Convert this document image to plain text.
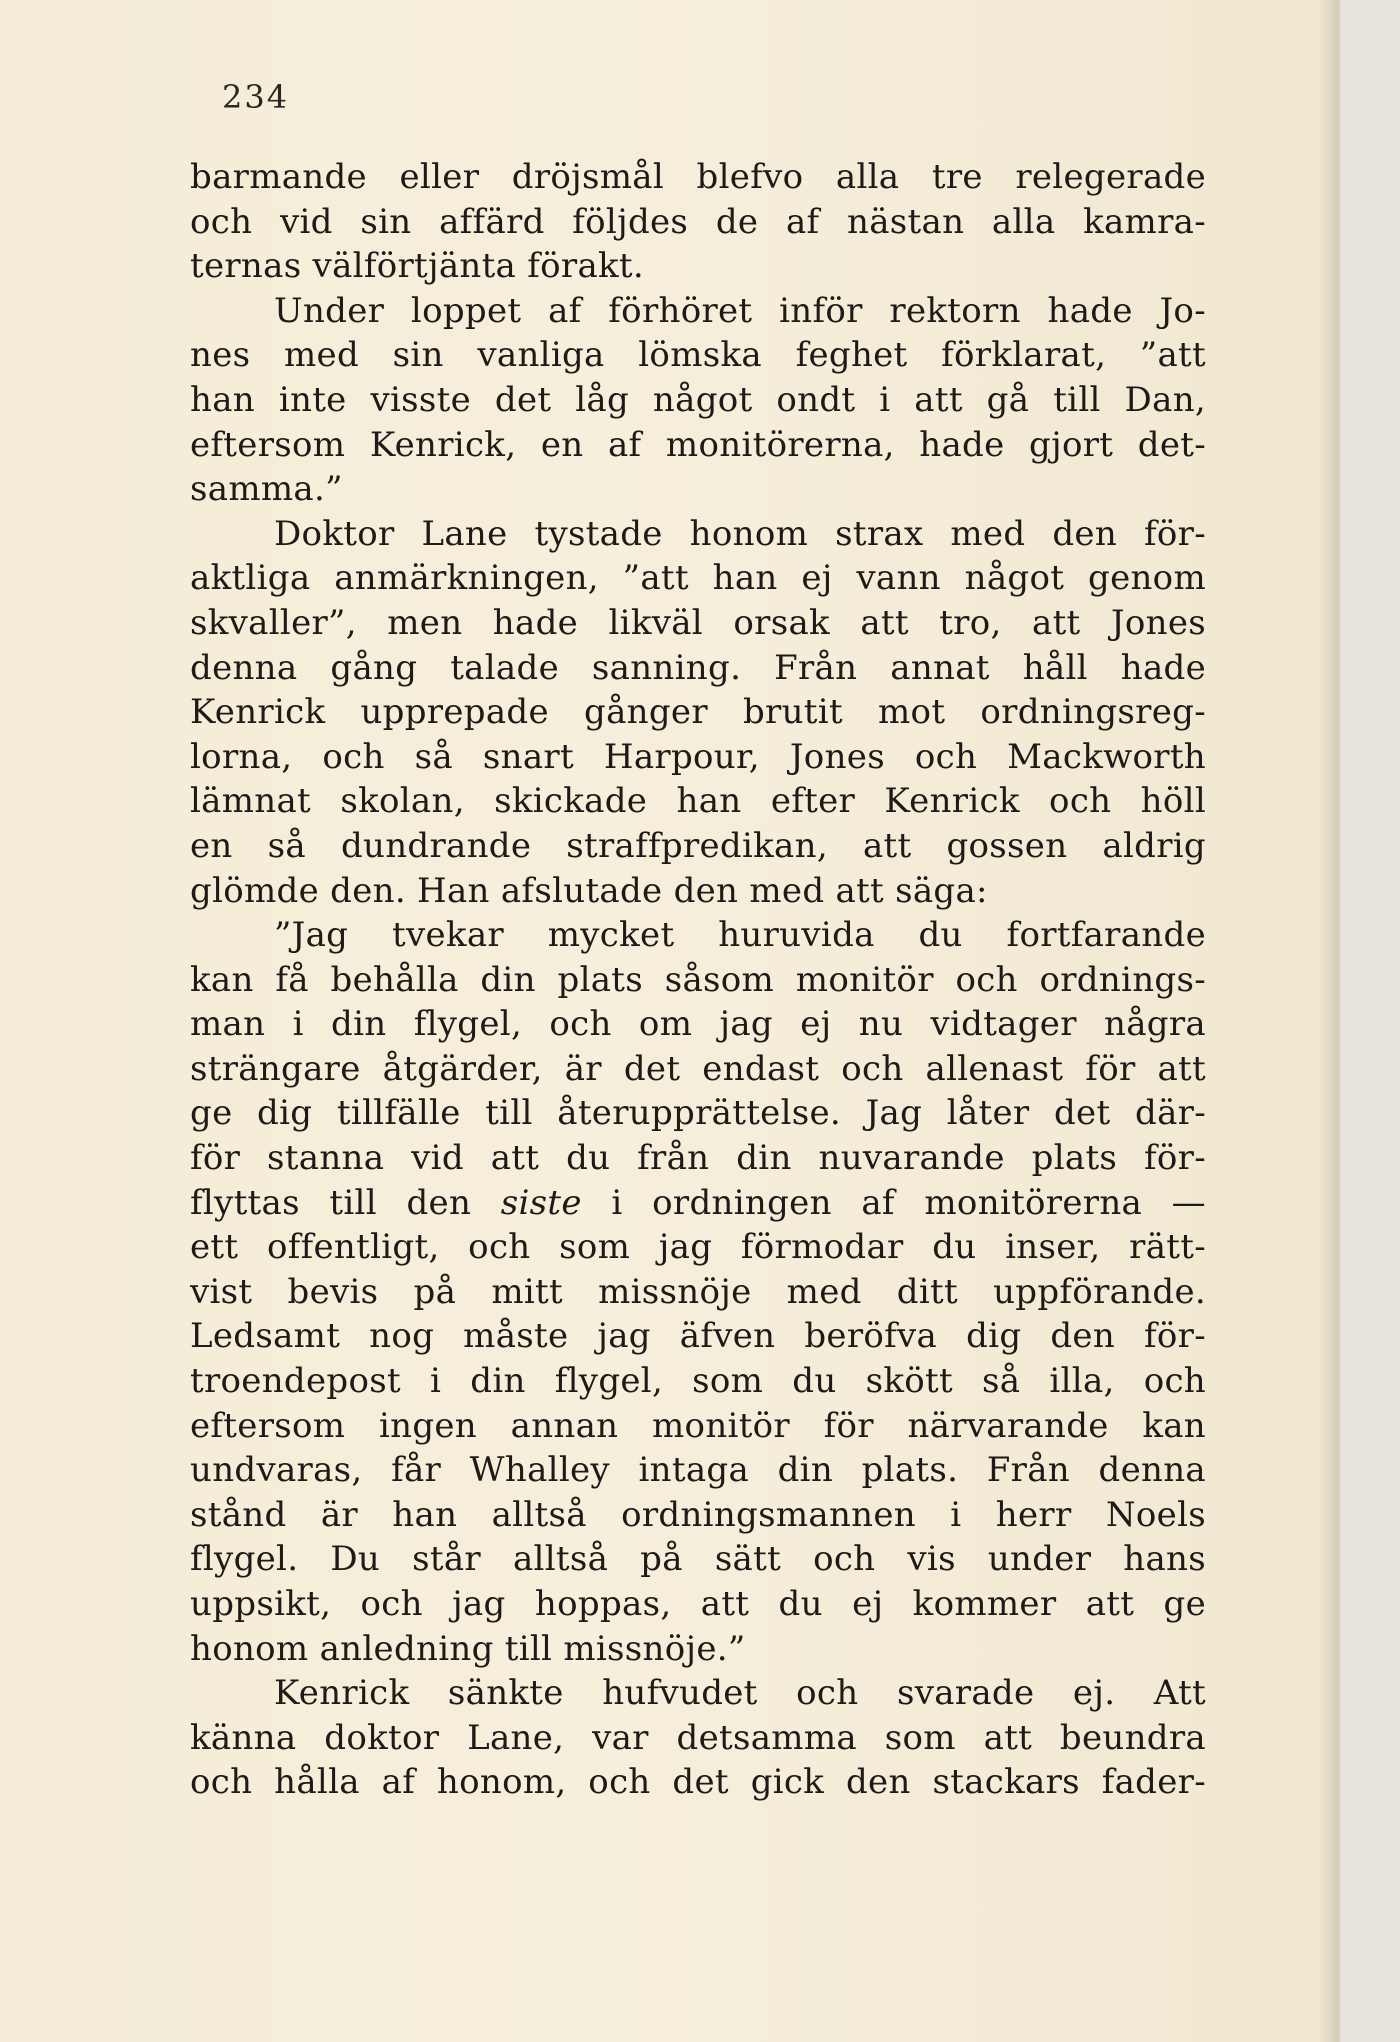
234
barmande eller dröjsmål blefvo alla tre relegerade
och vid sin affärd följdes de af nästan alla kamra-
ternas välförtjänta förakt.
Under loppet af förhöret inför rektorn hade Jo-
nes med sin vanliga lömska feghet förklarat, ”att
han inte visste det låg något ondt i att gå till Dan,
eftersom Kenrick, en af monitörerna, hade gjort det-
samma.”
Doktor Lane tystade honom strax med den för-
aktliga anmärkningen, ”att han ej vann något genom
skvaller”, men hade likväl orsak att tro, att Jones
denna gång talade sanning. Från annat håll hade
Kenrick upprepade gånger brutit mot ordningsreg-
lorna, och så snart Harpour, Jones och Mackworth
lämnat skolan, skickade han efter Kenrick och höll
en så dundrande straffpredikan, att gossen aldrig
glömde den. Han afslutade den med att säga:
”Jag tvekar mycket huruvida du fortfarande
kan få behålla din plats såsom monitör och ordnings-
man i din flygel, och om jag ej nu vidtager några
strängare åtgärder, är det endast och allenast för att
ge dig tillfälle till återupprättelse. Jag låter det där-
för stanna vid att du från din nuvarande plats för-
flyttas till den siste i ordningen af monitörerna —
ett offentligt, och som jag förmodar du inser, rätt-
vist bevis på mitt missnöje med ditt uppförande.
Ledsamt nog måste jag äfven beröfva dig den för-
troendepost i din flygel, som du skött så illa, och
eftersom ingen annan monitör för närvarande kan
undvaras, får Whalley intaga din plats. Från denna
stånd är han alltså ordningsmannen i herr Noels
flygel. Du står alltså på sätt och vis under hans
uppsikt, och jag hoppas, att du ej kommer att ge
honom anledning till missnöje.”
Kenrick sänkte hufvudet och svarade ej. Att
känna doktor Lane, var detsamma som att beundra
och hålla af honom, och det gick den stackars fader-
